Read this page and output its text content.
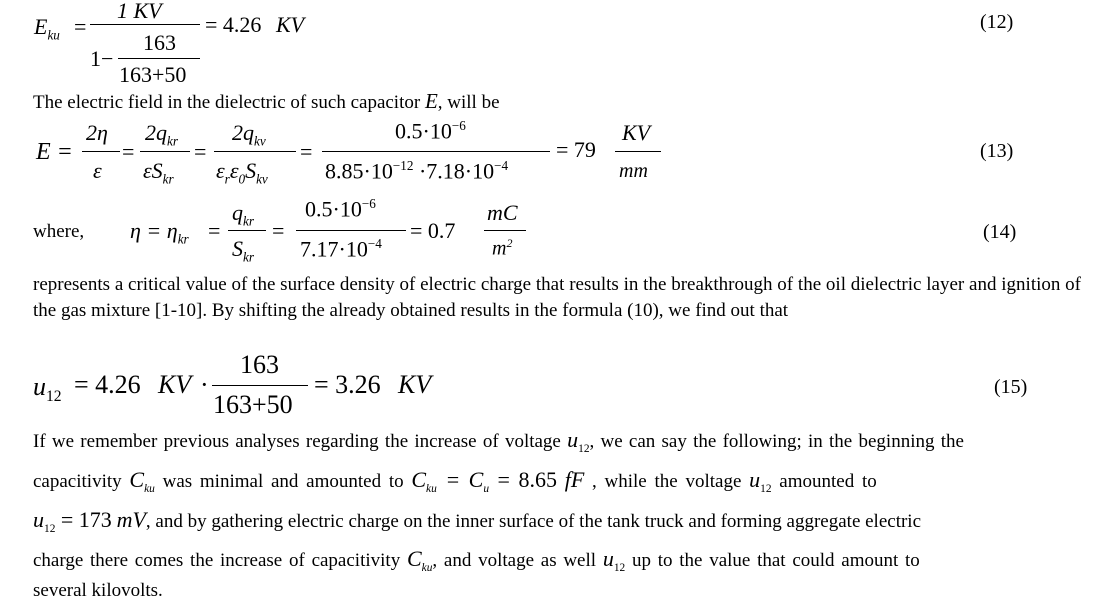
$E_{ku}$ =
1 KV
1−
163
163+50
= 4.26 KV	(12)
The electric field in the dielectric of such capacitor E, will be
E =
2η
ε
=
$2q_{kr}$
$\varepsilon S_{kr}$
=
$2q_{kv}$
$\varepsilon_r\varepsilon_0S_{kv}$
=
$0.5\cdot 10^{-6}$
$8.85\cdot 10^{-12} \cdot 7.18\cdot 10^{-4}$
= 79
KV
mm
(13)
where, $\eta = \eta_{kr}$ =
$q_{kr}$
$S_{kr}$
=
$0.5\cdot 10^{-6}$
$7.17\cdot 10^{-4}$
= 0.7
mC
$m^2$	(14)
represents a critical value of the surface density of electric charge that results in the breakthrough of the oil dielectric layer and ignition of the gas mixture [1-10]. By shifting the already obtained results in the formula (10), we find out that
$u_{12} = 4.26$ KV ·
163
163+50
= 3.26 KV	(15)
If we remember previous analyses regarding the increase of voltage $u_{12}$, we can say the following; in the beginning the
capacitivity $C_{ku}$ was minimal and amounted to $C_{ku} = C_u = 8.65$ fF , while the voltage $u_{12}$ amounted to
$u_{12} = 173$ mV, and by gathering electric charge on the inner surface of the tank truck and forming aggregate electric
charge there comes the increase of capacitivity $C_{ku}$, and voltage as well $u_{12}$ up to the value that could amount to
several kilovolts.
